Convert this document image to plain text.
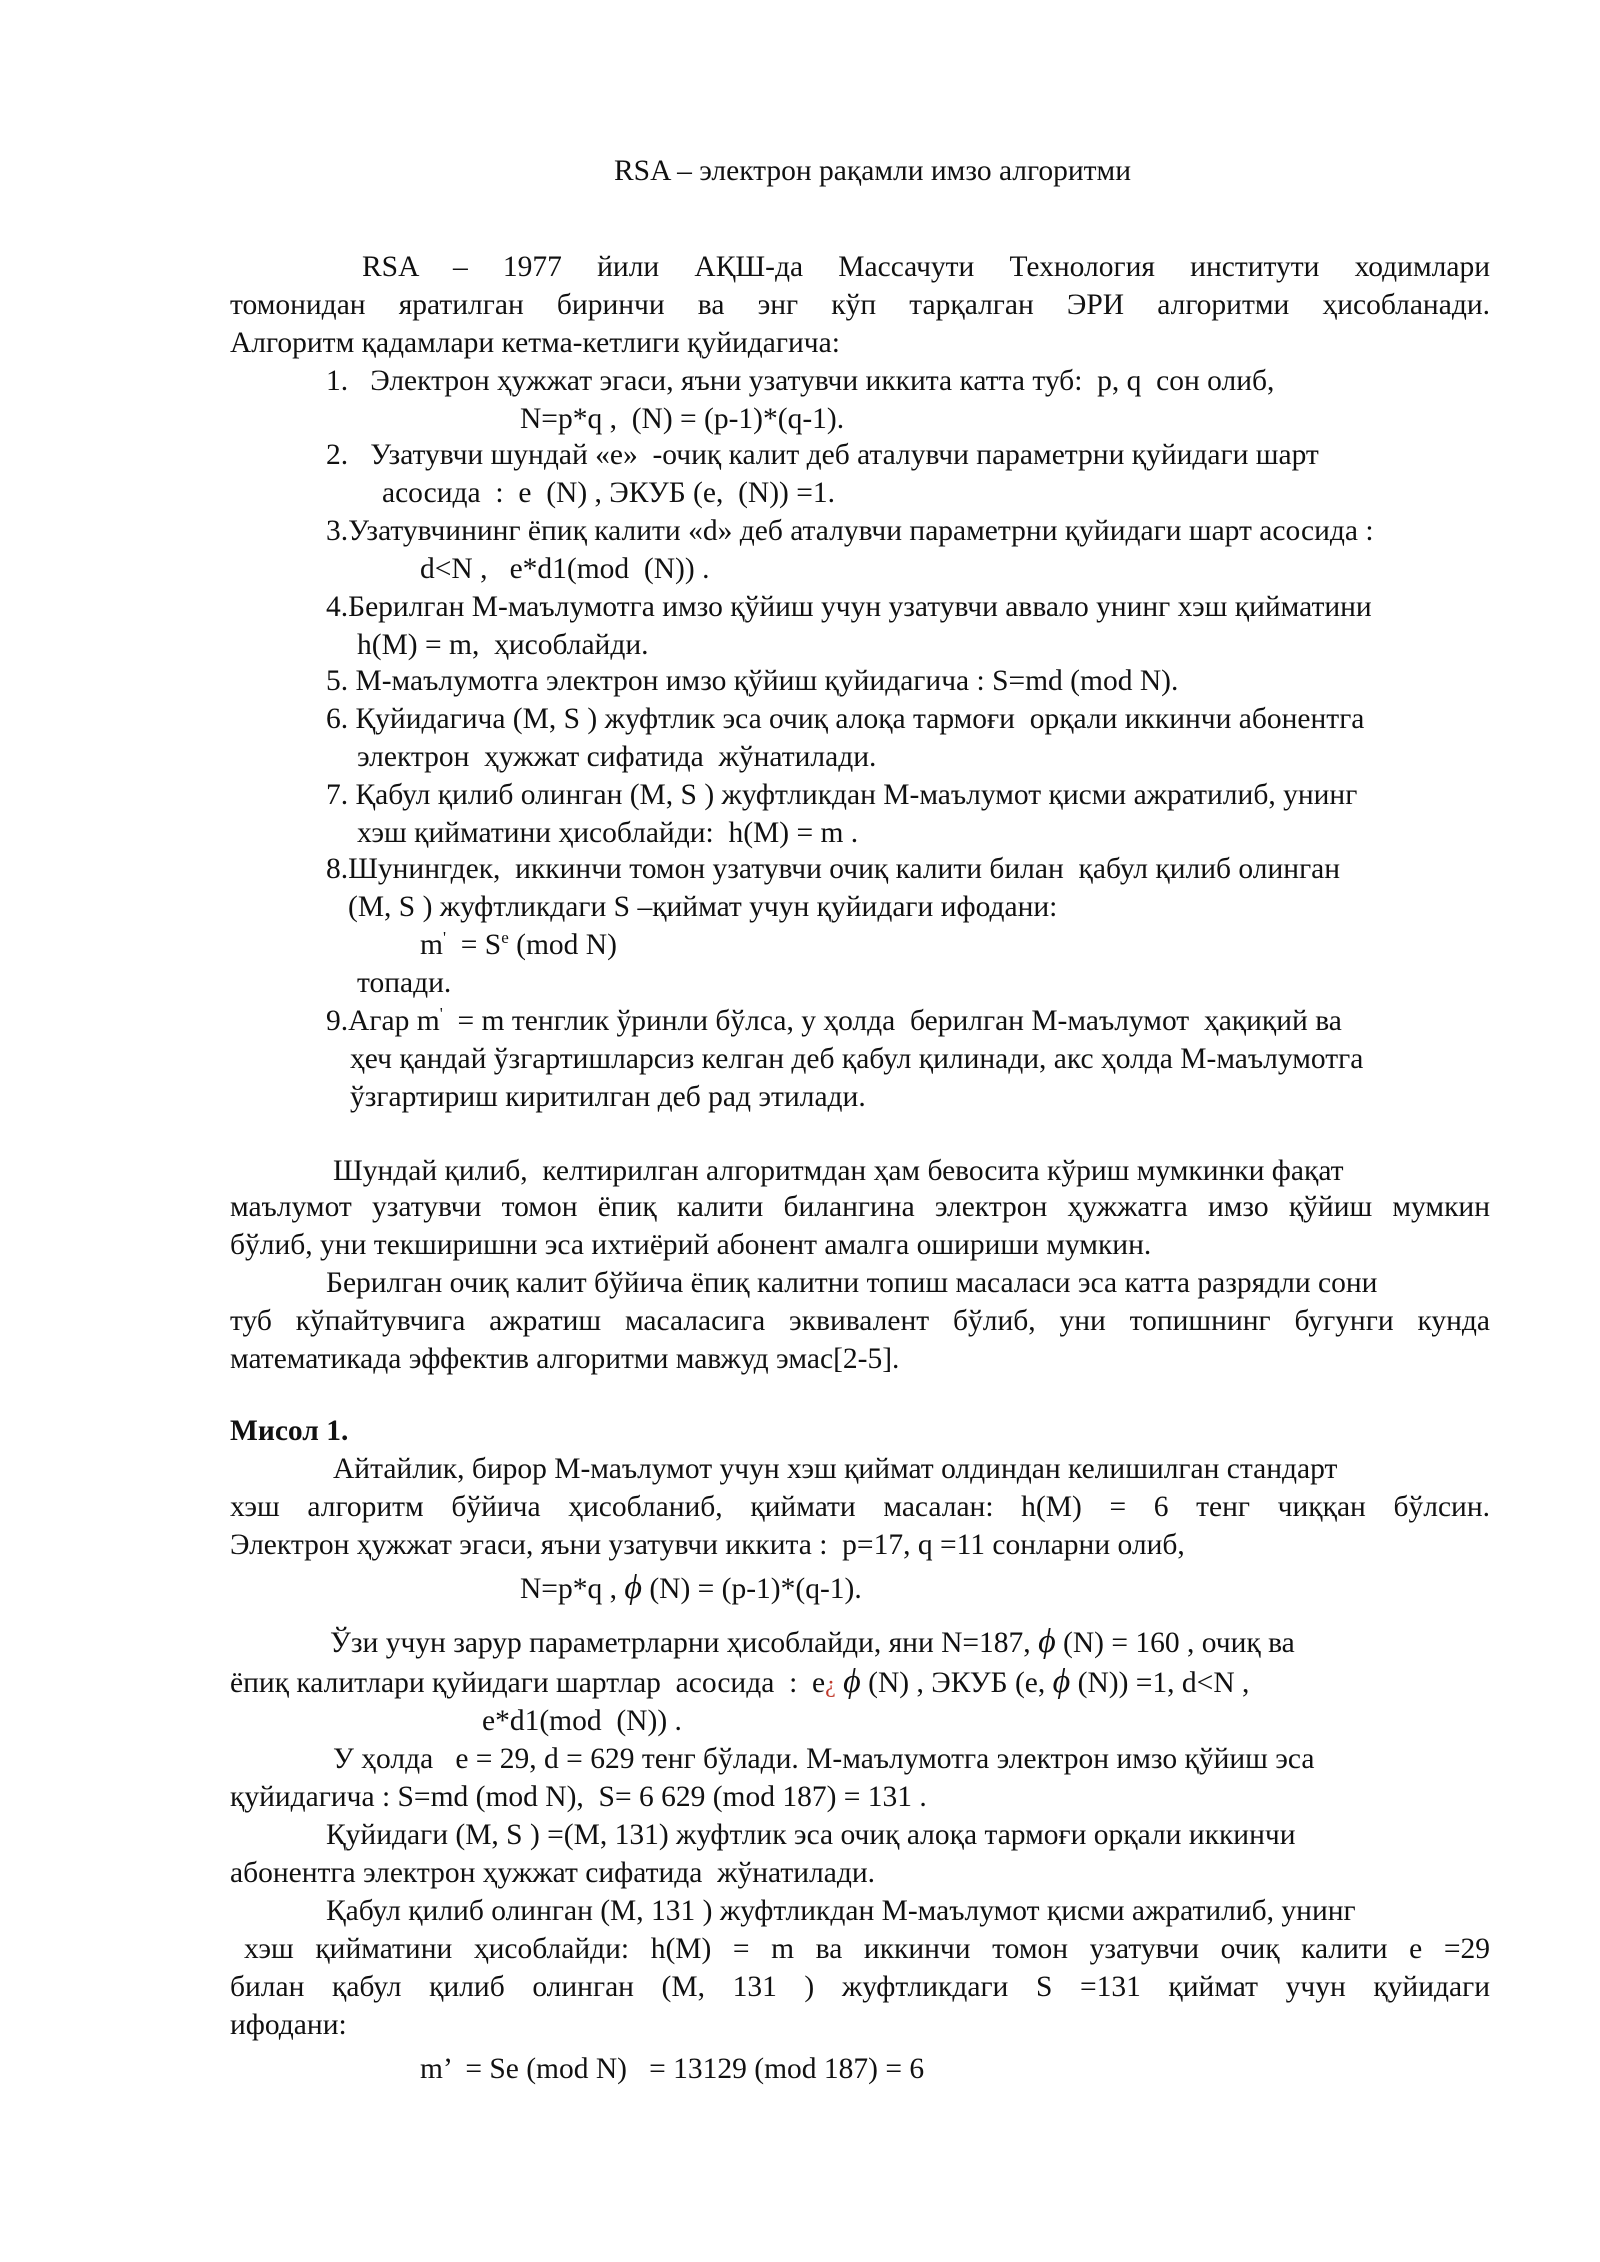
RSA – электрон рақамли имзо алгоритми
RSA – 1977 йили АҚШ-да Массачути Технология институти ходимлари
томонидан яратилган биринчи ва энг кўп тарқалган ЭРИ алгоритми ҳисобланади.
Алгоритм қадамлари кетма-кетлиги қуйидагича:
1.   Электрон ҳужжат эгаси, яъни узатувчи иккита катта туб:  p, q  сон олиб,
N=p*q ,  (N) = (p-1)*(q-1).
2.   Узатувчи шундай «e»  -очиқ калит деб аталувчи параметрни қуйидаги шарт
асосида  :  e  (N) , ЭКУБ (e,  (N)) =1.
3.Узатувчининг ёпиқ калити «d» деб аталувчи параметрни қуйидаги шарт асосида :
d<N ,   e*d1(mod  (N)) .
4.Берилган M-маълумотга имзо қўйиш учун узатувчи аввало унинг хэш қийматини
h(M) = m,  ҳисоблайди.
5. M-маълумотга электрон имзо қўйиш қуйидагича : S=md (mod N).
6. Қуйидагича (M, S ) жуфтлик эса очиқ алоқа тармоғи  орқали иккинчи абонентга
электрон  ҳужжат сифатида  жўнатилади.
7. Қабул қилиб олинган (M, S ) жуфтликдан M-маълумот қисми ажратилиб, унинг
хэш қийматини ҳисоблайди:  h(M) = m .
8.Шунингдек,  иккинчи томон узатувчи очиқ калити билан  қабул қилиб олинган
(M, S ) жуфтликдаги S –қиймат учун қуйидаги ифодани:
$m' = S^e$ (mod N)
топади.
9.Агар m'  = m тенглик ўринли бўлса, у ҳолда  берилган M-маълумот  ҳақиқий ва
ҳеч қандай ўзгартишларсиз келган деб қабул қилинади, акс ҳолда M-маълумотга
ўзгартириш киритилган деб рад этилади.
Шундай қилиб,  келтирилган алгоритмдан ҳам бевосита кўриш мумкинки фақат
маълумот узатувчи томон ёпиқ калити билангина электрон ҳужжатга имзо қўйиш мумкин
бўлиб, уни текширишни эса ихтиёрий абонент амалга ошириши мумкин.
Берилган очиқ калит бўйича ёпиқ калитни топиш масаласи эса катта разрядли сони
туб кўпайтувчига ажратиш масаласига эквивалент бўлиб, уни топишнинг бугунги кунда
математикада эффектив алгоритми мавжуд эмас[2-5].
Мисол 1.
Айтайлик, бирор M-маълумот учун хэш қиймат олдиндан келишилган стандарт
хэш алгоритм бўйича ҳисобланиб, қиймати масалан: h(M) = 6 тенг чиққан бўлсин.
Электрон ҳужжат эгаси, яъни узатувчи иккита :  p=17, q =11 сонларни олиб,
N=p*q , ϕ (N) = (p-1)*(q-1).
Ўзи учун зарур параметрларни ҳисоблайди, яни N=187, ϕ (N) = 160 , очиқ ва
ёпиқ калитлари қуйидаги шартлар  асосида  :  e¿ ϕ (N) , ЭКУБ (e, ϕ (N)) =1, d<N ,
e*d1(mod  (N)) .
У ҳолда   e = 29, d = 629 тенг бўлади. M-маълумотга электрон имзо қўйиш эса
қуйидагича : S=md (mod N),  S= 6 629 (mod 187) = 131 .
Қуйидаги (M, S ) =(M, 131) жуфтлик эса очиқ алоқа тармоғи орқали иккинчи
абонентга электрон ҳужжат сифатида  жўнатилади.
Қабул қилиб олинган (M, 131 ) жуфтликдан M-маълумот қисми ажратилиб, унинг
хэш қийматини ҳисоблайди: h(M) = m ва иккинчи томон узатувчи очиқ калити e =29
билан қабул қилиб олинган (M, 131 ) жуфтликдаги S =131 қиймат учун қуйидаги
ифодани:
m’  = Se (mod N)   = 13129 (mod 187) = 6
